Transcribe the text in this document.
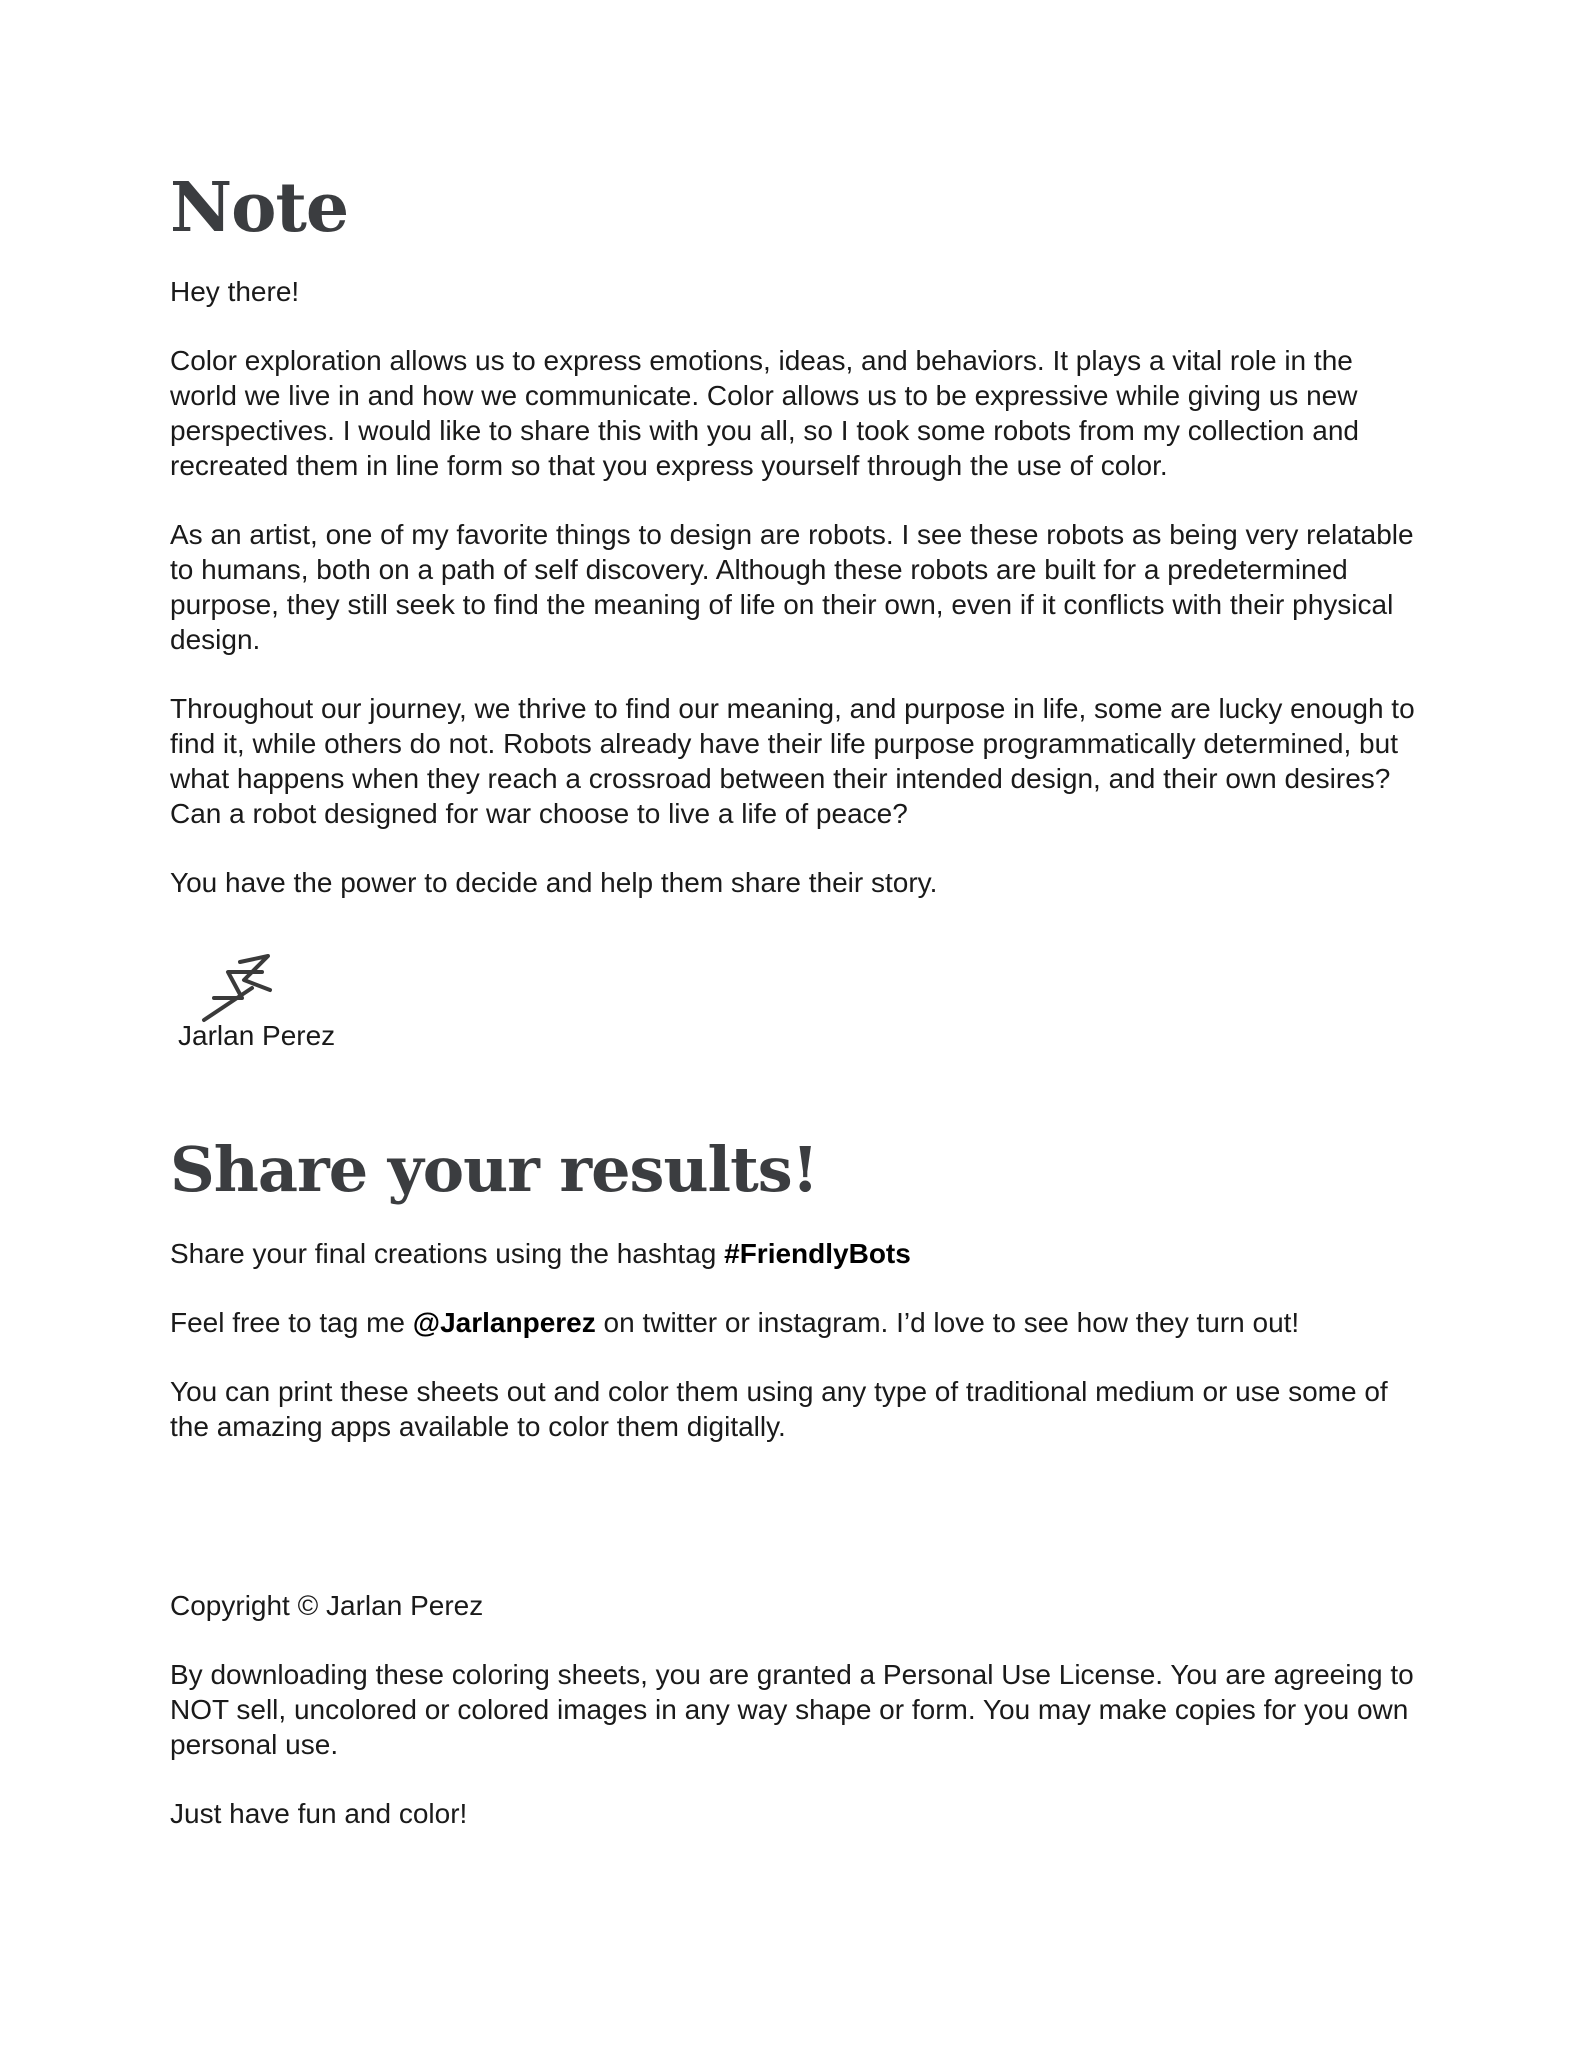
Note

Hey there!

Color exploration allows us to express emotions, ideas, and behaviors. It plays a vital role in the world we live in and how we communicate. Color allows us to be expressive while giving us new perspectives. I would like to share this with you all, so I took some robots from my collection and recreated them in line form so that you express yourself through the use of color.

As an artist, one of my favorite things to design are robots. I see these robots as being very relatable to humans, both on a path of self discovery. Although these robots are built for a predetermined purpose, they still seek to find the meaning of life on their own, even if it conflicts with their physical design.

Throughout our journey, we thrive to find our meaning, and purpose in life, some are lucky enough to find it, while others do not. Robots already have their life purpose programmatically determined, but what happens when they reach a crossroad between their intended design, and their own desires? Can a robot designed for war choose to live a life of peace?

You have the power to decide and help them share their story.

Jarlan Perez
Share your results!

Share your final creations using the hashtag #FriendlyBots

Feel free to tag me @Jarlanperez on twitter or instagram. I’d love to see how they turn out!

You can print these sheets out and color them using any type of traditional medium or use some of the amazing apps available to color them digitally.

Copyright © Jarlan Perez

By downloading these coloring sheets, you are granted a Personal Use License. You are agreeing to NOT sell, uncolored or colored images in any way shape or form. You may make copies for you own personal use.

Just have fun and color!
